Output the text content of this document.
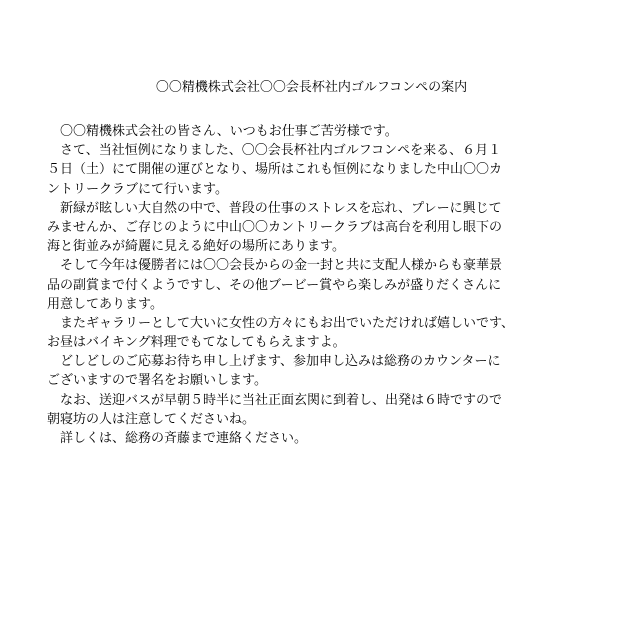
〇〇精機株式会社〇〇会長杯社内ゴルフコンペの案内
　〇〇精機株式会社の皆さん、いつもお仕事ご苦労様です。
　さて、当社恒例になりました、〇〇会長杯社内ゴルフコンペを来る、６月１
５日（土）にて開催の運びとなり、場所はこれも恒例になりました中山〇〇カ
ントリークラブにて行います。
　新緑が眩しい大自然の中で、普段の仕事のストレスを忘れ、プレーに興じて
みませんか、ご存じのように中山〇〇カントリークラブは高台を利用し眼下の
海と街並みが綺麗に見える絶好の場所にあります。
　そして今年は優勝者には〇〇会長からの金一封と共に支配人様からも豪華景
品の副賞まで付くようですし、その他ブービー賞やら楽しみが盛りだくさんに
用意してあります。
　またギャラリーとして大いに女性の方々にもお出でいただければ嬉しいです、
お昼はバイキング料理でもてなしてもらえますよ。
　どしどしのご応募お待ち申し上げます、参加申し込みは総務のカウンターに
ございますので署名をお願いします。
　なお、送迎バスが早朝５時半に当社正面玄関に到着し、出発は６時ですので
朝寝坊の人は注意してくださいね。
　詳しくは、総務の斉藤まで連絡ください。
